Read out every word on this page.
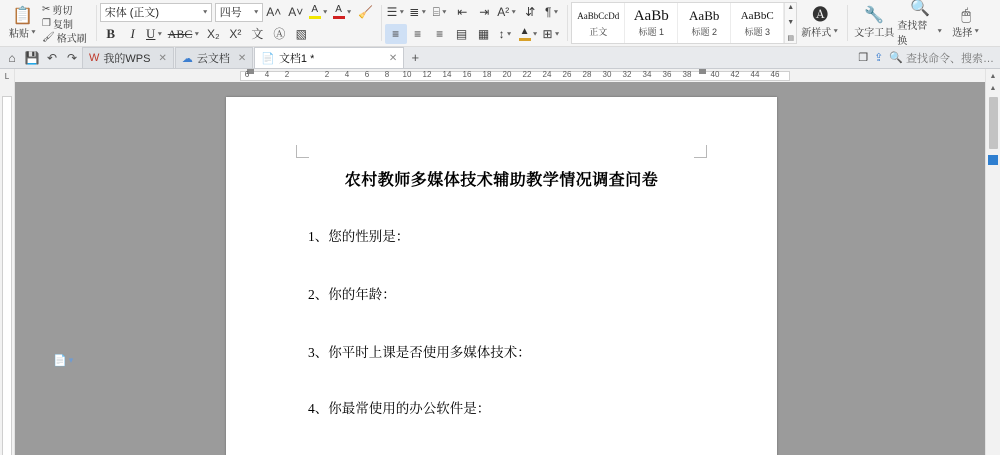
📋
粘贴 ▼
✂ 剪切
❐ 复制
🖌 格式刷
宋体 (正文)	▼ 四号	▼ A˄ A˅ A ▼ A ▼ 🧹
B I U ▼ ABC ▼ X₂ X² 文 Ⓐ ▧
☰ ▼ ≣ ▼ ⌸ ▼ ⇤ ⇥ A² ▼ ⇵ ¶ ▼
≡ ≡ ≡ ▤ ▦ ↕ ▼ ▲ ▼ ⊞ ▼
AaBbCcDd
正文
AaBb
标题 1
AaBb
标题 2
AaBbC
标题 3
▲
▼
▤
🅐
新样式 ▼
🔧
文字工具
🔍
查找替换
▼
🖱
选择 ▼
⌂ 💾 ↶ ↷	W 我的WPS ✕ ☁ 云文档 ✕ 📄 文档1 *	✕ +	❐ ⇪ 🔍 查找命令、搜索…
L	6 4 2	2 4 6 8 10 12 14 16 18 20 22 24 26 28 30 32 34 36 38 40 42 44 46	▲
农村教师多媒体技术辅助教学情况调查问卷
1、您的性别是：
2、你的年龄：
3、你平时上课是否使用多媒体技术：
4、你最常使用的办公软件是：
📄 ▾
▲
